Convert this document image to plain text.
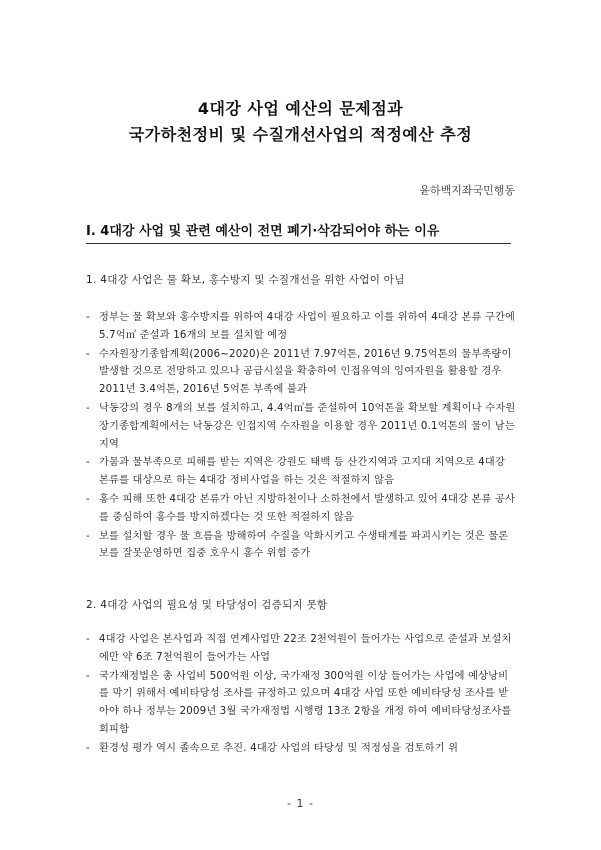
4대강 사업 예산의 문제점과
국가하천정비 및 수질개선사업의 적정예산 추정
윤하백지좌국민행동
Ⅰ. 4대강 사업 및 관련 예산이 전면 폐기·삭감되어야 하는 이유
1. 4대강 사업은 물 확보, 홍수방지 및 수질개선을 위한 사업이 아님
- 정부는 물 확보와 홍수방지를 위하여 4대강 사업이 필요하고 이를 위하여 4대강 본류 구간에 5.7억㎥ 준설과 16개의 보를 설치할 예정
- 수자원장기종합계획(2006~2020)은 2011년 7.97억톤, 2016년 9.75억톤의 물부족량이 발생할 것으로 전망하고 있으나 공급시설을 확충하여 인접유역의 잉여자원을 활용할 경우 2011년 3.4억톤, 2016년 5억톤 부족에 불과
- 낙동강의 경우 8개의 보를 설치하고, 4.4억㎥를 준설하여 10억톤을 확보할 계획이나 수자원장기종합계획에서는 낙동강은 인접지역 수자원을 이용할 경우 2011년 0.1억톤의 물이 남는 지역
- 가뭄과 물부족으로 피해를 받는 지역은 강원도 태백 등 산간지역과 고지대 지역으로 4대강 본류를 대상으로 하는 4대강 정비사업을 하는 것은 적절하지 않음
- 홍수 피해 또한 4대강 본류가 아닌 지방하천이나 소하천에서 발생하고 있어 4대강 본류 공사를 중심하여 홍수를 방지하겠다는 것 또한 적절하지 않음
- 보를 설치할 경우 물 흐름을 방해하여 수질을 악화시키고 수생태계를 파괴시키는 것은 물론 보를 잘못운영하면 집중 호우시 홍수 위험 증가
2. 4대강 사업의 필요성 및 타당성이 검증되지 못함
- 4대강 사업은 본사업과 직접 연계사업만 22조 2천억원이 들어가는 사업으로 준설과 보설치에만 약 6조 7천억원이 들어가는 사업
- 국가재정법은 총 사업비 500억원 이상, 국가재정 300억원 이상 들어가는 사업에 예상낭비를 막기 위해서 예비타당성 조사를 규정하고 있으며 4대강 사업 또한 예비타당성 조사를 받아야 하나 정부는 2009년 3월 국가재정법 시행령 13조 2항을 개정 하여 예비타당성조사를 회피함
- 환경성 평가 역시 졸속으로 추진. 4대강 사업의 타당성 및 적정성을 검토하기 위
- 1 -
